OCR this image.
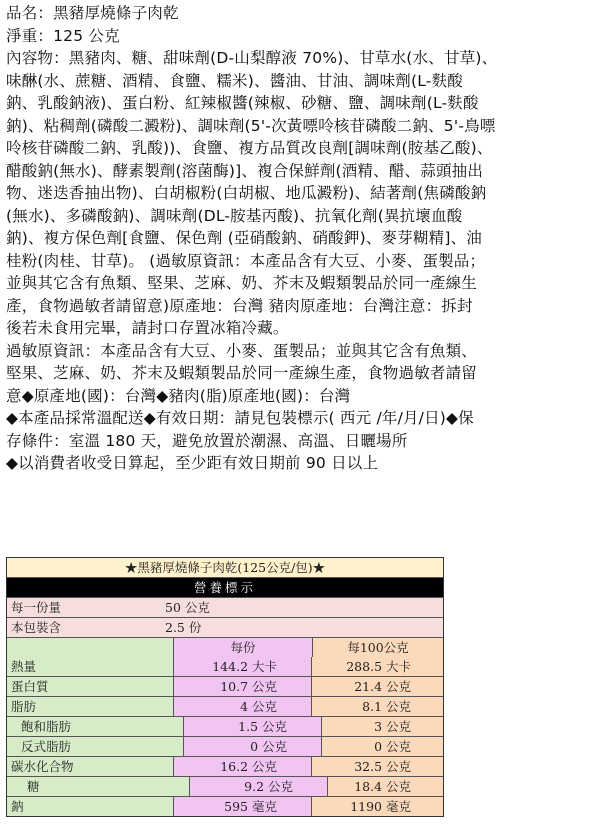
品名：黑豬厚燒條子肉乾

淨重：125 公克

內容物：黑豬肉、糖、甜味劑(D-山梨醇液 70%)、甘草水(水、甘草)、

味醂(水、蔗糖、酒精、食鹽、糯米)、醬油、甘油、調味劑(L-麩酸

鈉、乳酸鈉液)、蛋白粉、紅辣椒醬(辣椒、砂糖、鹽、調味劑(L-麩酸

鈉)、粘稠劑(磷酸二澱粉)、調味劑(5'-次黃嘌呤核苷磷酸二鈉、5'-鳥嘌

呤核苷磷酸二鈉、乳酸))、食鹽、複方品質改良劑[調味劑(胺基乙酸)、

醋酸鈉(無水)、酵素製劑(溶菌酶)]、複合保鮮劑(酒精、醋、蒜頭抽出

物、迷迭香抽出物)、白胡椒粉(白胡椒、地瓜澱粉)、結著劑(焦磷酸鈉

(無水)、多磷酸鈉)、調味劑(DL-胺基丙酸)、抗氧化劑(異抗壞血酸

鈉)、複方保色劑[食鹽、保色劑 (亞硝酸鈉、硝酸鉀)、麥芽糊精]、油

桂粉(肉桂、甘草)。 (過敏原資訊：本產品含有大豆、小麥、蛋製品；

並與其它含有魚類、堅果、芝麻、奶、芥末及蝦類製品於同一產線生

產，食物過敏者請留意)原產地：台灣 豬肉原產地：台灣注意：拆封

後若未食用完畢，請封口存置冰箱冷藏。

過敏原資訊：本產品含有大豆、小麥、蛋製品；並與其它含有魚類、

堅果、芝麻、奶、芥末及蝦類製品於同一產線生產，食物過敏者請留

意◆原產地(國)：台灣◆豬肉(脂)原產地(國)：台灣

◆本產品採常溫配送◆有效日期：請見包裝標示( 西元 /年/月/日)◆保

存條件：室溫 180 天，避免放置於潮濕、高溫、日曬場所

◆以消費者收受日算起，至少距有效日期前 90 日以上

★黑豬厚燒條子肉乾(125公克/包)★
營養標示
每一份量	50 公克
本包裝含	2.5 份
每份	每100公克
熱量	144.2 大卡	288.5 大卡
蛋白質	10.7 公克	21.4 公克
脂肪	4 公克	8.1 公克
飽和脂肪	1.5 公克	3 公克
反式脂肪	0 公克	0 公克
碳水化合物	16.2 公克	32.5 公克
糖	9.2 公克	18.4 公克
鈉	595 毫克	1190 毫克
